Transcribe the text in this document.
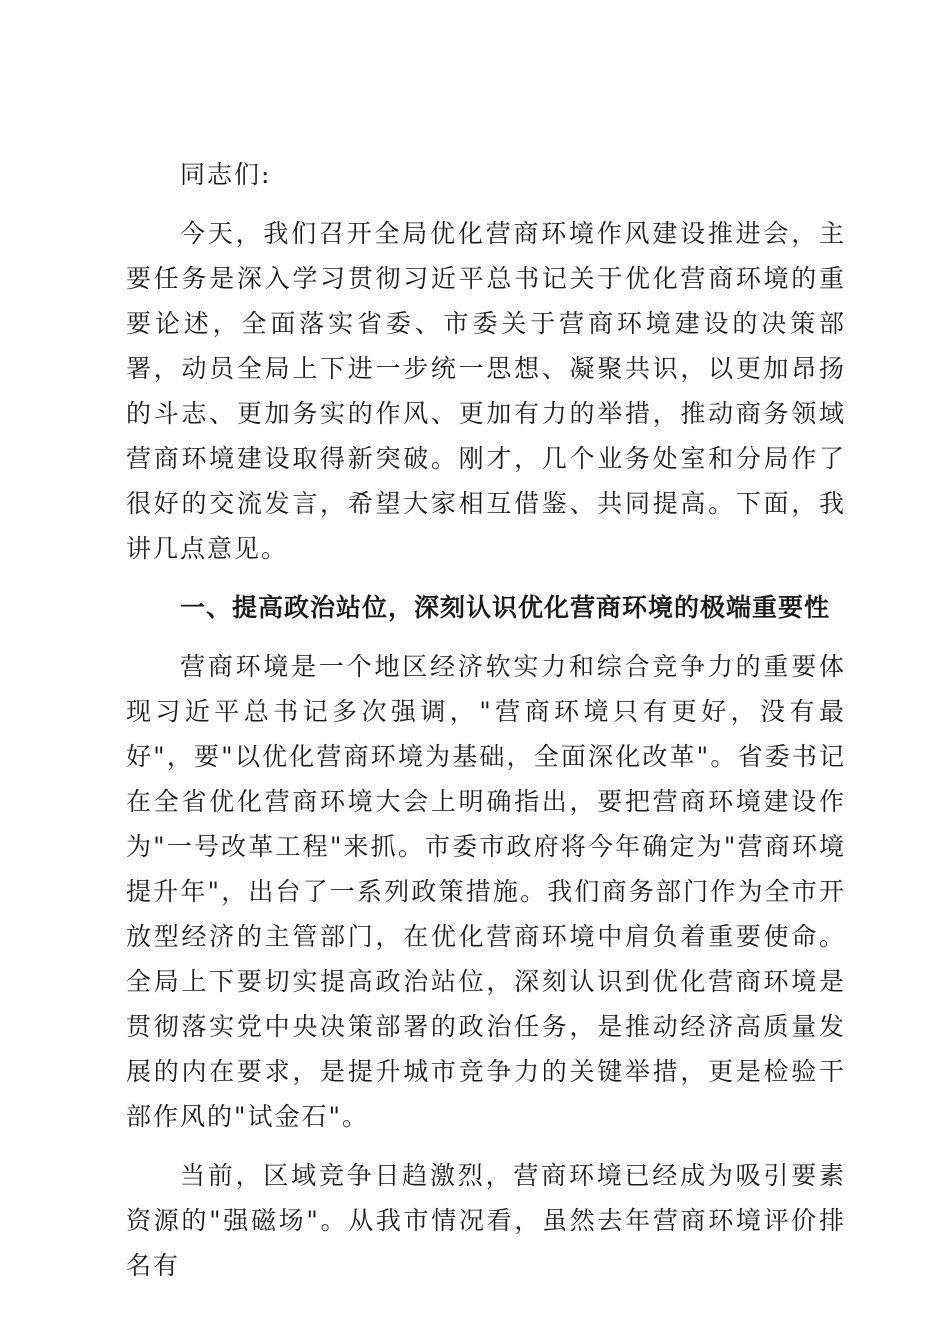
同志们:

今天，我们召开全局优化营商环境作风建设推进会，主要任务是深入学习贯彻习近平总书记关于优化营商环境的重要论述，全面落实省委、市委关于营商环境建设的决策部署，动员全局上下进一步统一思想、凝聚共识，以更加昂扬的斗志、更加务实的作风、更加有力的举措，推动商务领域营商环境建设取得新突破。刚才，几个业务处室和分局作了很好的交流发言，希望大家相互借鉴、共同提高。下面，我讲几点意见。

一、提高政治站位，深刻认识优化营商环境的极端重要性

营商环境是一个地区经济软实力和综合竞争力的重要体现习近平总书记多次强调，"营商环境只有更好，没有最好"，要"以优化营商环境为基础，全面深化改革"。省委书记在全省优化营商环境大会上明确指出，要把营商环境建设作为"一号改革工程"来抓。市委市政府将今年确定为"营商环境提升年"，出台了一系列政策措施。我们商务部门作为全市开放型经济的主管部门，在优化营商环境中肩负着重要使命。全局上下要切实提高政治站位，深刻认识到优化营商环境是贯彻落实党中央决策部署的政治任务，是推动经济高质量发展的内在要求，是提升城市竞争力的关键举措，更是检验干部作风的"试金石"。

当前，区域竞争日趋激烈，营商环境已经成为吸引要素资源的"强磁场"。从我市情况看，虽然去年营商环境评价排名有
